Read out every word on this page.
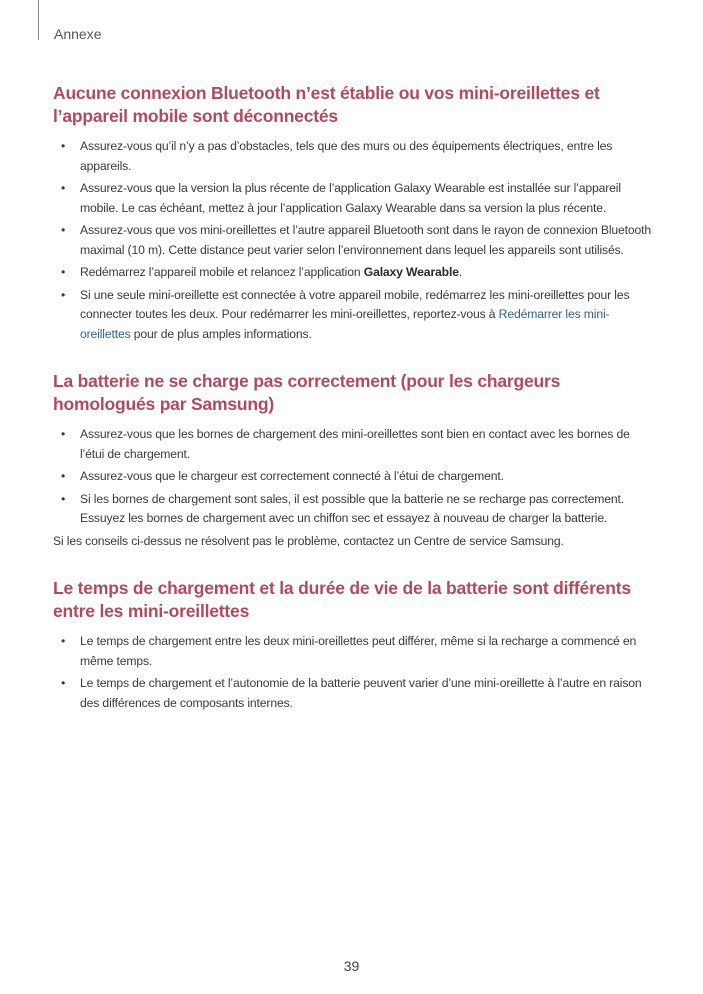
Annexe
Aucune connexion Bluetooth n’est établie ou vos mini-oreillettes et l’appareil mobile sont déconnectés
• Assurez-vous qu’il n’y a pas d’obstacles, tels que des murs ou des équipements électriques, entre les appareils.
• Assurez-vous que la version la plus récente de l’application Galaxy Wearable est installée sur l’appareil mobile. Le cas échéant, mettez à jour l’application Galaxy Wearable dans sa version la plus récente.
• Assurez-vous que vos mini-oreillettes et l’autre appareil Bluetooth sont dans le rayon de connexion Bluetooth maximal (10 m). Cette distance peut varier selon l’environnement dans lequel les appareils sont utilisés.
• Redémarrez l’appareil mobile et relancez l’application Galaxy Wearable.
• Si une seule mini-oreillette est connectée à votre appareil mobile, redémarrez les mini-oreillettes pour les connecter toutes les deux. Pour redémarrer les mini-oreillettes, reportez-vous à Redémarrer les mini-oreillettes pour de plus amples informations.
La batterie ne se charge pas correctement (pour les chargeurs homologués par Samsung)
• Assurez-vous que les bornes de chargement des mini-oreillettes sont bien en contact avec les bornes de l’étui de chargement.
• Assurez-vous que le chargeur est correctement connecté à l’étui de chargement.
• Si les bornes de chargement sont sales, il est possible que la batterie ne se recharge pas correctement. Essuyez les bornes de chargement avec un chiffon sec et essayez à nouveau de charger la batterie.

Si les conseils ci-dessus ne résolvent pas le problème, contactez un Centre de service Samsung.

Le temps de chargement et la durée de vie de la batterie sont différents entre les mini-oreillettes
• Le temps de chargement entre les deux mini-oreillettes peut différer, même si la recharge a commencé en même temps.
• Le temps de chargement et l’autonomie de la batterie peuvent varier d’une mini-oreillette à l’autre en raison des différences de composants internes.
39
